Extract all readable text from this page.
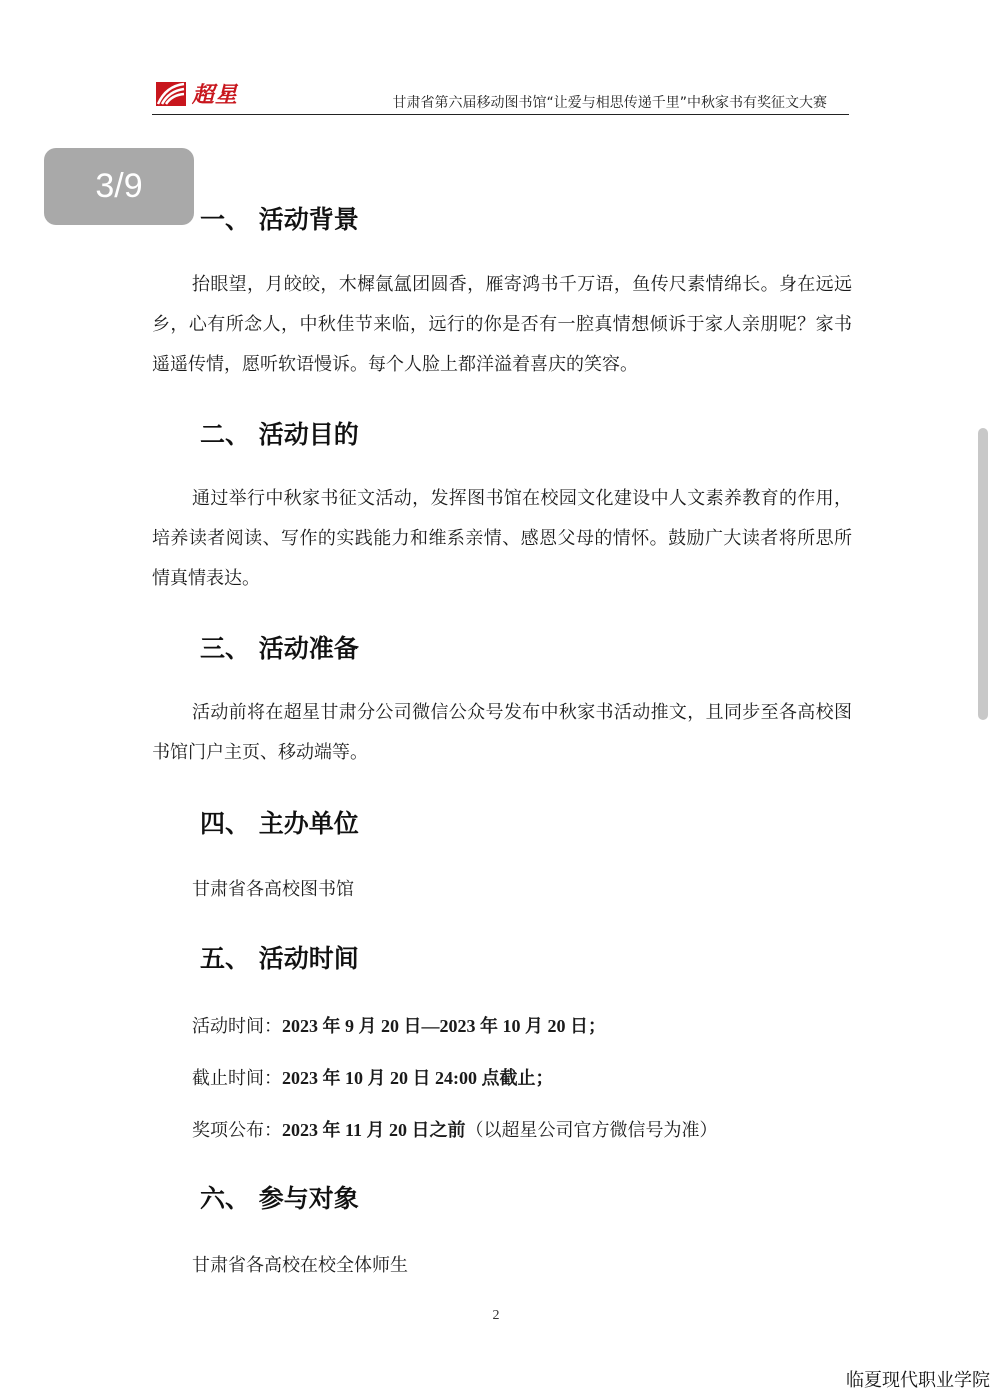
超星	甘肃省第六届移动图书馆“让爱与相思传递千里”中秋家书有奖征文大赛
3/9
一、 活动背景
抬眼望，月皎皎，木樨氤氲团圆香，雁寄鸿书千万语，鱼传尺素情绵长。身在远远乡，心有所念人，中秋佳节来临，远行的你是否有一腔真情想倾诉于家人亲朋呢？家书遥遥传情，愿听软语慢诉。每个人脸上都洋溢着喜庆的笑容。
二、 活动目的
通过举行中秋家书征文活动，发挥图书馆在校园文化建设中人文素养教育的作用，培养读者阅读、写作的实践能力和维系亲情、感恩父母的情怀。鼓励广大读者将所思所情真情表达。
三、 活动准备
活动前将在超星甘肃分公司微信公众号发布中秋家书活动推文，且同步至各高校图书馆门户主页、移动端等。
四、 主办单位
甘肃省各高校图书馆
五、 活动时间
活动时间：2023 年 9 月 20 日—2023 年 10 月 20 日；
截止时间：2023 年 10 月 20 日 24:00 点截止；
奖项公布：2023 年 11 月 20 日之前（以超星公司官方微信号为准）
六、 参与对象
甘肃省各高校在校全体师生
2
临夏现代职业学院
